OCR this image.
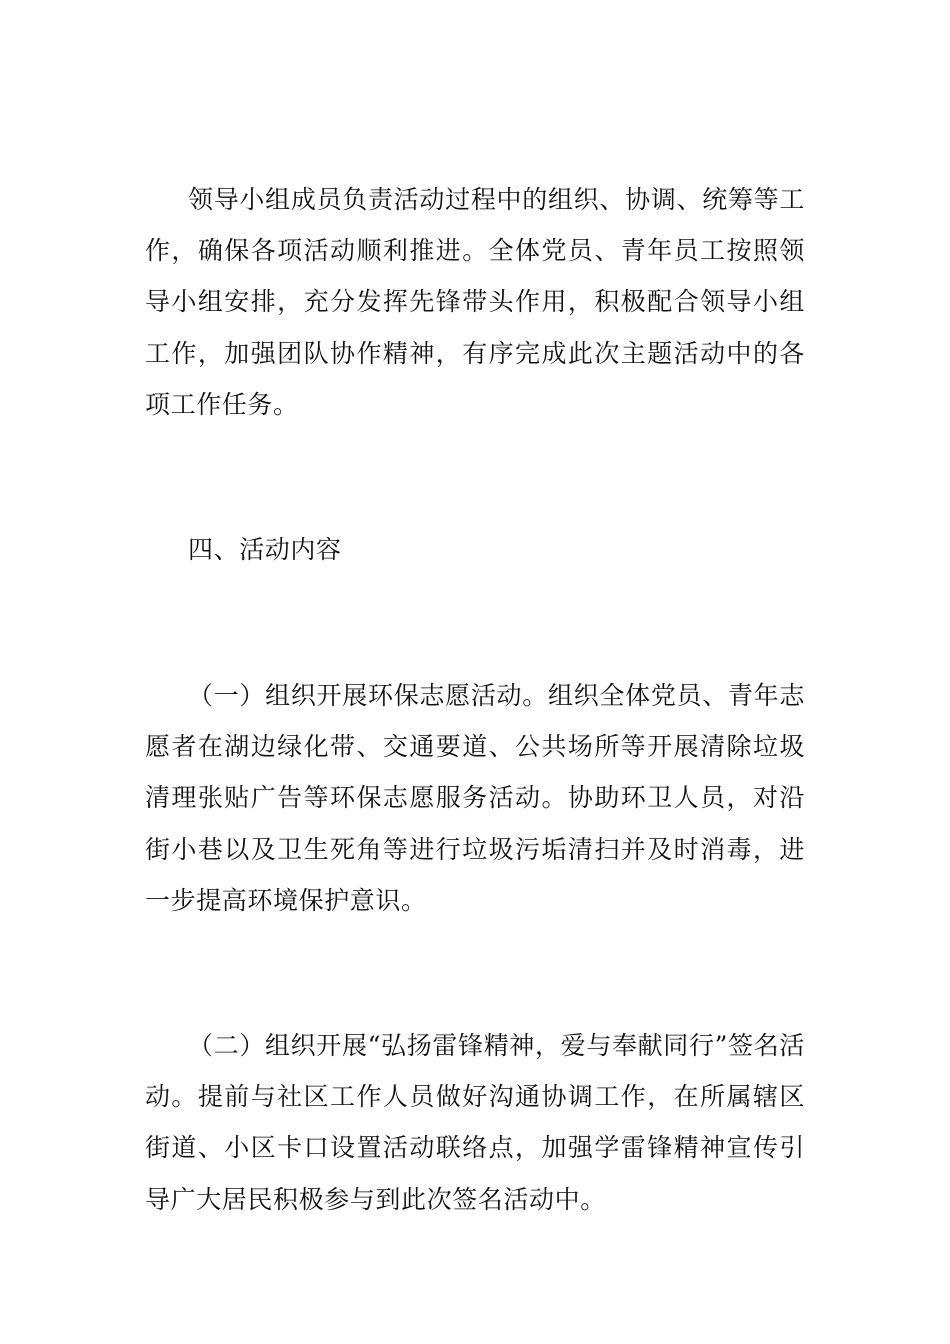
领导小组成员负责活动过程中的组织、协调、统筹等工作，确保各项活动顺利推进。全体党员、青年员工按照领导小组安排，充分发挥先锋带头作用，积极配合领导小组工作，加强团队协作精神，有序完成此次主题活动中的各项工作任务。

四、活动内容

（一）组织开展环保志愿活动。组织全体党员、青年志愿者在湖边绿化带、交通要道、公共场所等开展清除垃圾清理张贴广告等环保志愿服务活动。协助环卫人员，对沿街小巷以及卫生死角等进行垃圾污垢清扫并及时消毒，进一步提高环境保护意识。

（二）组织开展“弘扬雷锋精神，爱与奉献同行”签名活动。提前与社区工作人员做好沟通协调工作，在所属辖区街道、小区卡口设置活动联络点，加强学雷锋精神宣传引导广大居民积极参与到此次签名活动中。
